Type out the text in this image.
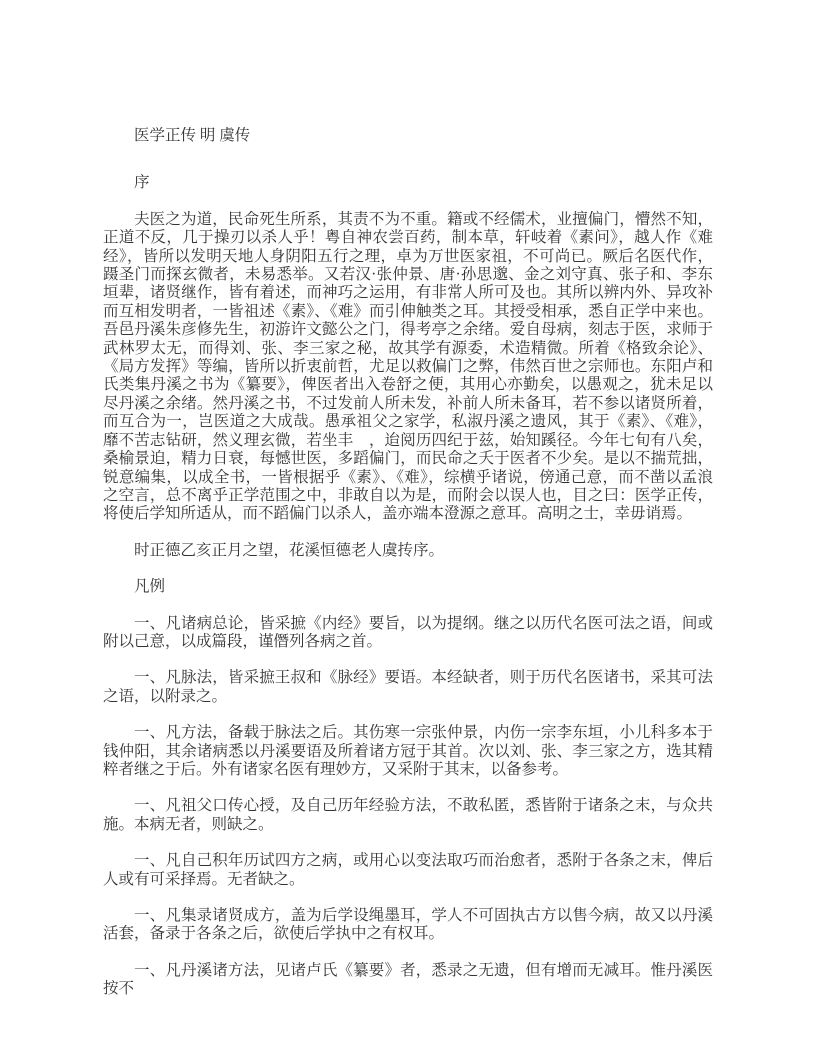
医学正传 明 虞传

序

夫医之为道，民命死生所系，其责不为不重。籍或不经儒术，业擅偏门，懵然不知，正道不反，几于操刃以杀人乎！粤自神农尝百药，制本草，轩岐着《素问》，越人作《难经》，皆所以发明天地人身阴阳五行之理，卓为万世医家祖，不可尚已。厥后名医代作，蹑圣门而探玄微者，未易悉举。又若汉·张仲景、唐·孙思邈、金之刘守真、张子和、李东垣辈，诸贤继作，皆有着述，而神巧之运用，有非常人所可及也。其所以辨内外、异攻补而互相发明者，一皆祖述《素》、《难》而引伸触类之耳。其授受相承，悉自正学中来也。吾邑丹溪朱彦修先生，初游许文懿公之门，得考亭之余绪。爱自母病，刻志于医，求师于武林罗太无，而得刘、张、李三家之秘，故其学有源委，术造精微。所着《格致余论》、《局方发挥》等编，皆所以折衷前哲，尤足以救偏门之弊，伟然百世之宗师也。东阳卢和氏类集丹溪之书为《纂要》，俾医者出入卷舒之便，其用心亦勤矣，以愚观之，犹未足以尽丹溪之余绪。然丹溪之书，不过发前人所未发，补前人所未备耳，若不参以诸贤所着，而互合为一，岂医道之大成哉。愚承祖父之家学，私淑丹溪之遗风，其于《素》、《难》，靡不苦志钻研，然义理玄微，若坐丰　，迨阅历四纪于兹，始知蹊径。今年七旬有八矣，桑榆景迫，精力日衰，每憾世医，多蹈偏门，而民命之夭于医者不少矣。是以不揣荒拙，锐意编集，以成全书，一皆根据乎《素》、《难》，综横乎诸说，傍通己意，而不凿以孟浪之空言，总不离乎正学范围之中，非敢自以为是，而附会以误人也，目之曰：医学正传，将使后学知所适从，而不蹈偏门以杀人，盖亦端本澄源之意耳。高明之士，幸毋诮焉。

时正德乙亥正月之望，花溪恒德老人虞抟序。

凡例

一、凡诸病总论，皆采摭《内经》要旨，以为提纲。继之以历代名医可法之语，间或附以己意，以成篇段，谨僭列各病之首。

一、凡脉法，皆采摭王叔和《脉经》要语。本经缺者，则于历代名医诸书，采其可法之语，以附录之。

一、凡方法，备载于脉法之后。其伤寒一宗张仲景，内伤一宗李东垣，小儿科多本于钱仲阳，其余诸病悉以丹溪要语及所着诸方冠于其首。次以刘、张、李三家之方，选其精粹者继之于后。外有诸家名医有理妙方，又采附于其末，以备参考。

一、凡祖父口传心授，及自己历年经验方法，不敢私匿，悉皆附于诸条之末，与众共施。本病无者，则缺之。

一、凡自己积年历试四方之病，或用心以变法取巧而治愈者，悉附于各条之末，俾后人或有可采择焉。无者缺之。

一、凡集录诸贤成方，盖为后学设绳墨耳，学人不可固执古方以售今病，故又以丹溪活套，备录于各条之后，欲使后学执中之有权耳。

一、凡丹溪诸方法，见诸卢氏《纂要》者，悉录之无遗，但有增而无减耳。惟丹溪医按不
